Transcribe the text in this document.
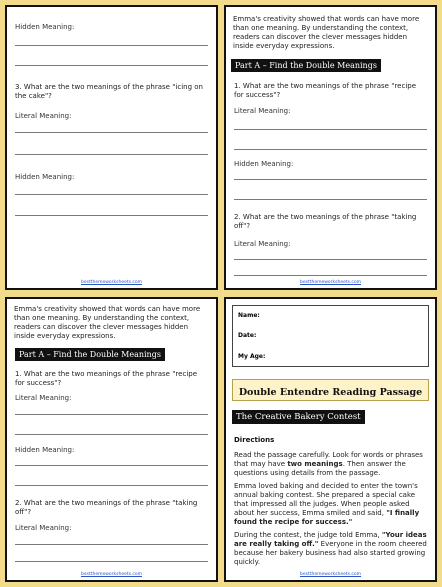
Hidden Meaning:
3. What are the two meanings of the phrase "icing on the cake"?
Literal Meaning:
Hidden Meaning:
bestthemeworksheets.com
Emma's creativity showed that words can have more than one meaning. By understanding the context, readers can discover the clever messages hidden inside everyday expressions.
Part A – Find the Double Meanings
1. What are the two meanings of the phrase "recipe for success"?
Literal Meaning:
Hidden Meaning:
2. What are the two meanings of the phrase "taking off"?
Literal Meaning:
bestthemeworksheets.com
Emma's creativity showed that words can have more than one meaning. By understanding the context, readers can discover the clever messages hidden inside everyday expressions.
Part A – Find the Double Meanings
1. What are the two meanings of the phrase "recipe for success"?
Literal Meaning:
Hidden Meaning:
2. What are the two meanings of the phrase "taking off"?
Literal Meaning:
bestthemeworksheets.com
Name:
Date:
My Age:
Double Entendre Reading Passage
The Creative Bakery Contest
Directions
Read the passage carefully. Look for words or phrases that may have two meanings. Then answer the questions using details from the passage.
Emma loved baking and decided to enter the town's annual baking contest. She prepared a special cake that impressed all the judges. When people asked about her success, Emma smiled and said, "I finally found the recipe for success."
During the contest, the judge told Emma, "Your ideas are really taking off." Everyone in the room cheered because her bakery business had also started growing quickly.
bestthemeworksheets.com
